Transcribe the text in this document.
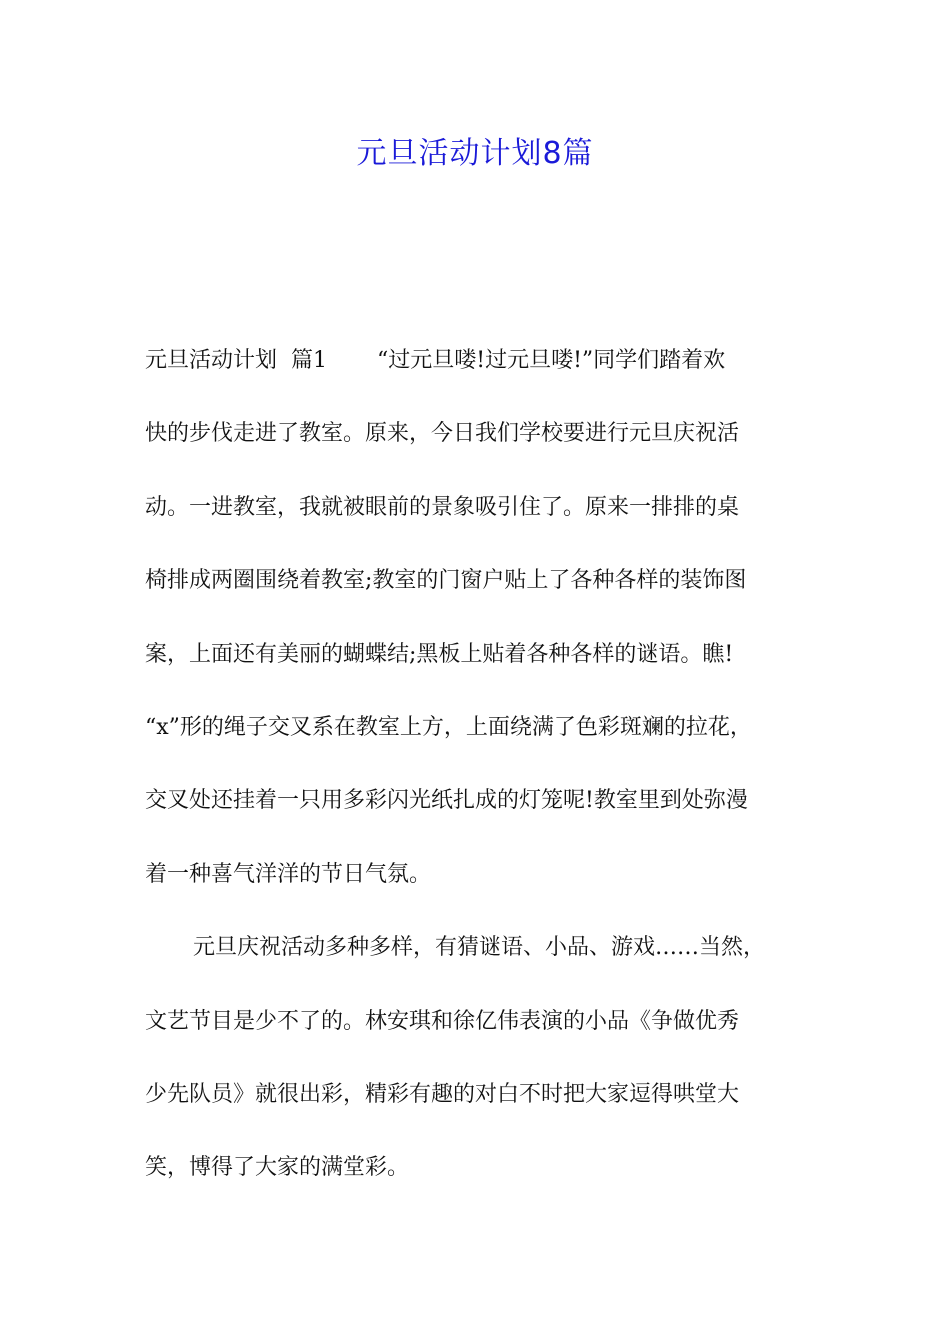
元旦活动计划8篇
元旦活动计划  篇1 “过元旦喽!过元旦喽!”同学们踏着欢
快的步伐走进了教室。原来，今日我们学校要进行元旦庆祝活
动。一进教室，我就被眼前的景象吸引住了。原来一排排的桌
椅排成两圈围绕着教室;教室的门窗户贴上了各种各样的装饰图
案，上面还有美丽的蝴蝶结;黑板上贴着各种各样的谜语。瞧!
“x”形的绳子交叉系在教室上方，上面绕满了色彩斑斓的拉花，
交叉处还挂着一只用多彩闪光纸扎成的灯笼呢!教室里到处弥漫
着一种喜气洋洋的节日气氛。
元旦庆祝活动多种多样，有猜谜语、小品、游戏……当然，
文艺节目是少不了的。林安琪和徐亿伟表演的小品《争做优秀
少先队员》就很出彩，精彩有趣的对白不时把大家逗得哄堂大
笑，博得了大家的满堂彩。
